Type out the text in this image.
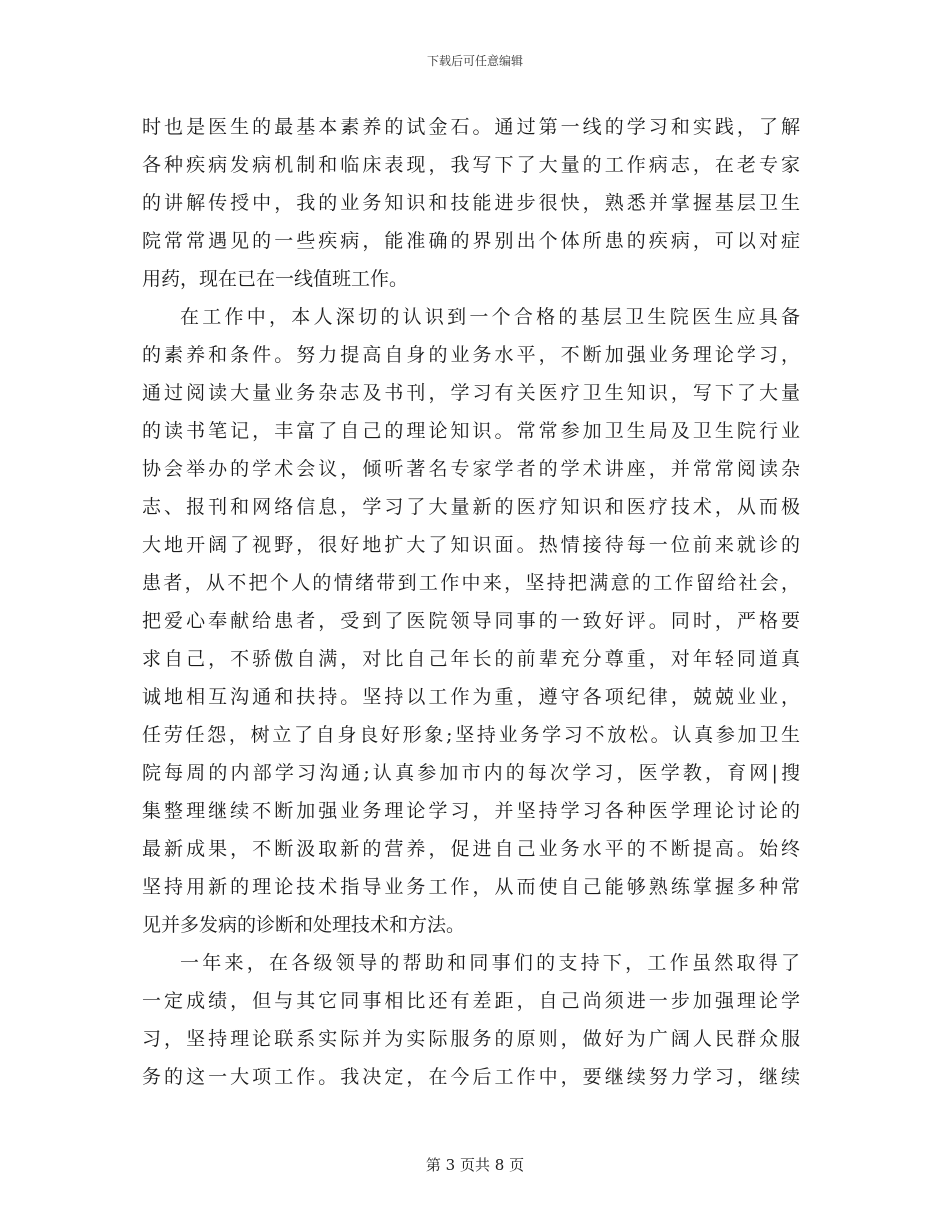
下载后可任意编辑
时也是医生的最基本素养的试金石。通过第一线的学习和实践，了解
各种疾病发病机制和临床表现，我写下了大量的工作病志，在老专家
的讲解传授中，我的业务知识和技能进步很快，熟悉并掌握基层卫生
院常常遇见的一些疾病，能准确的界别出个体所患的疾病，可以对症
用药，现在已在一线值班工作。
在工作中，本人深切的认识到一个合格的基层卫生院医生应具备
的素养和条件。努力提高自身的业务水平，不断加强业务理论学习，
通过阅读大量业务杂志及书刊，学习有关医疗卫生知识，写下了大量
的读书笔记，丰富了自己的理论知识。常常参加卫生局及卫生院行业
协会举办的学术会议，倾听著名专家学者的学术讲座，并常常阅读杂
志、报刊和网络信息，学习了大量新的医疗知识和医疗技术，从而极
大地开阔了视野，很好地扩大了知识面。热情接待每一位前来就诊的
患者，从不把个人的情绪带到工作中来，坚持把满意的工作留给社会，
把爱心奉献给患者，受到了医院领导同事的一致好评。同时，严格要
求自己，不骄傲自满，对比自己年长的前辈充分尊重，对年轻同道真
诚地相互沟通和扶持。坚持以工作为重，遵守各项纪律，兢兢业业，
任劳任怨，树立了自身良好形象;坚持业务学习不放松。认真参加卫生
院每周的内部学习沟通;认真参加市内的每次学习，医学教，育网|搜
集整理继续不断加强业务理论学习，并坚持学习各种医学理论讨论的
最新成果，不断汲取新的营养，促进自己业务水平的不断提高。始终
坚持用新的理论技术指导业务工作，从而使自己能够熟练掌握多种常
见并多发病的诊断和处理技术和方法。
一年来，在各级领导的帮助和同事们的支持下，工作虽然取得了
一定成绩，但与其它同事相比还有差距，自己尚须进一步加强理论学
习，坚持理论联系实际并为实际服务的原则，做好为广阔人民群众服
务的这一大项工作。我决定，在今后工作中，要继续努力学习，继续
第 3 页共 8 页
